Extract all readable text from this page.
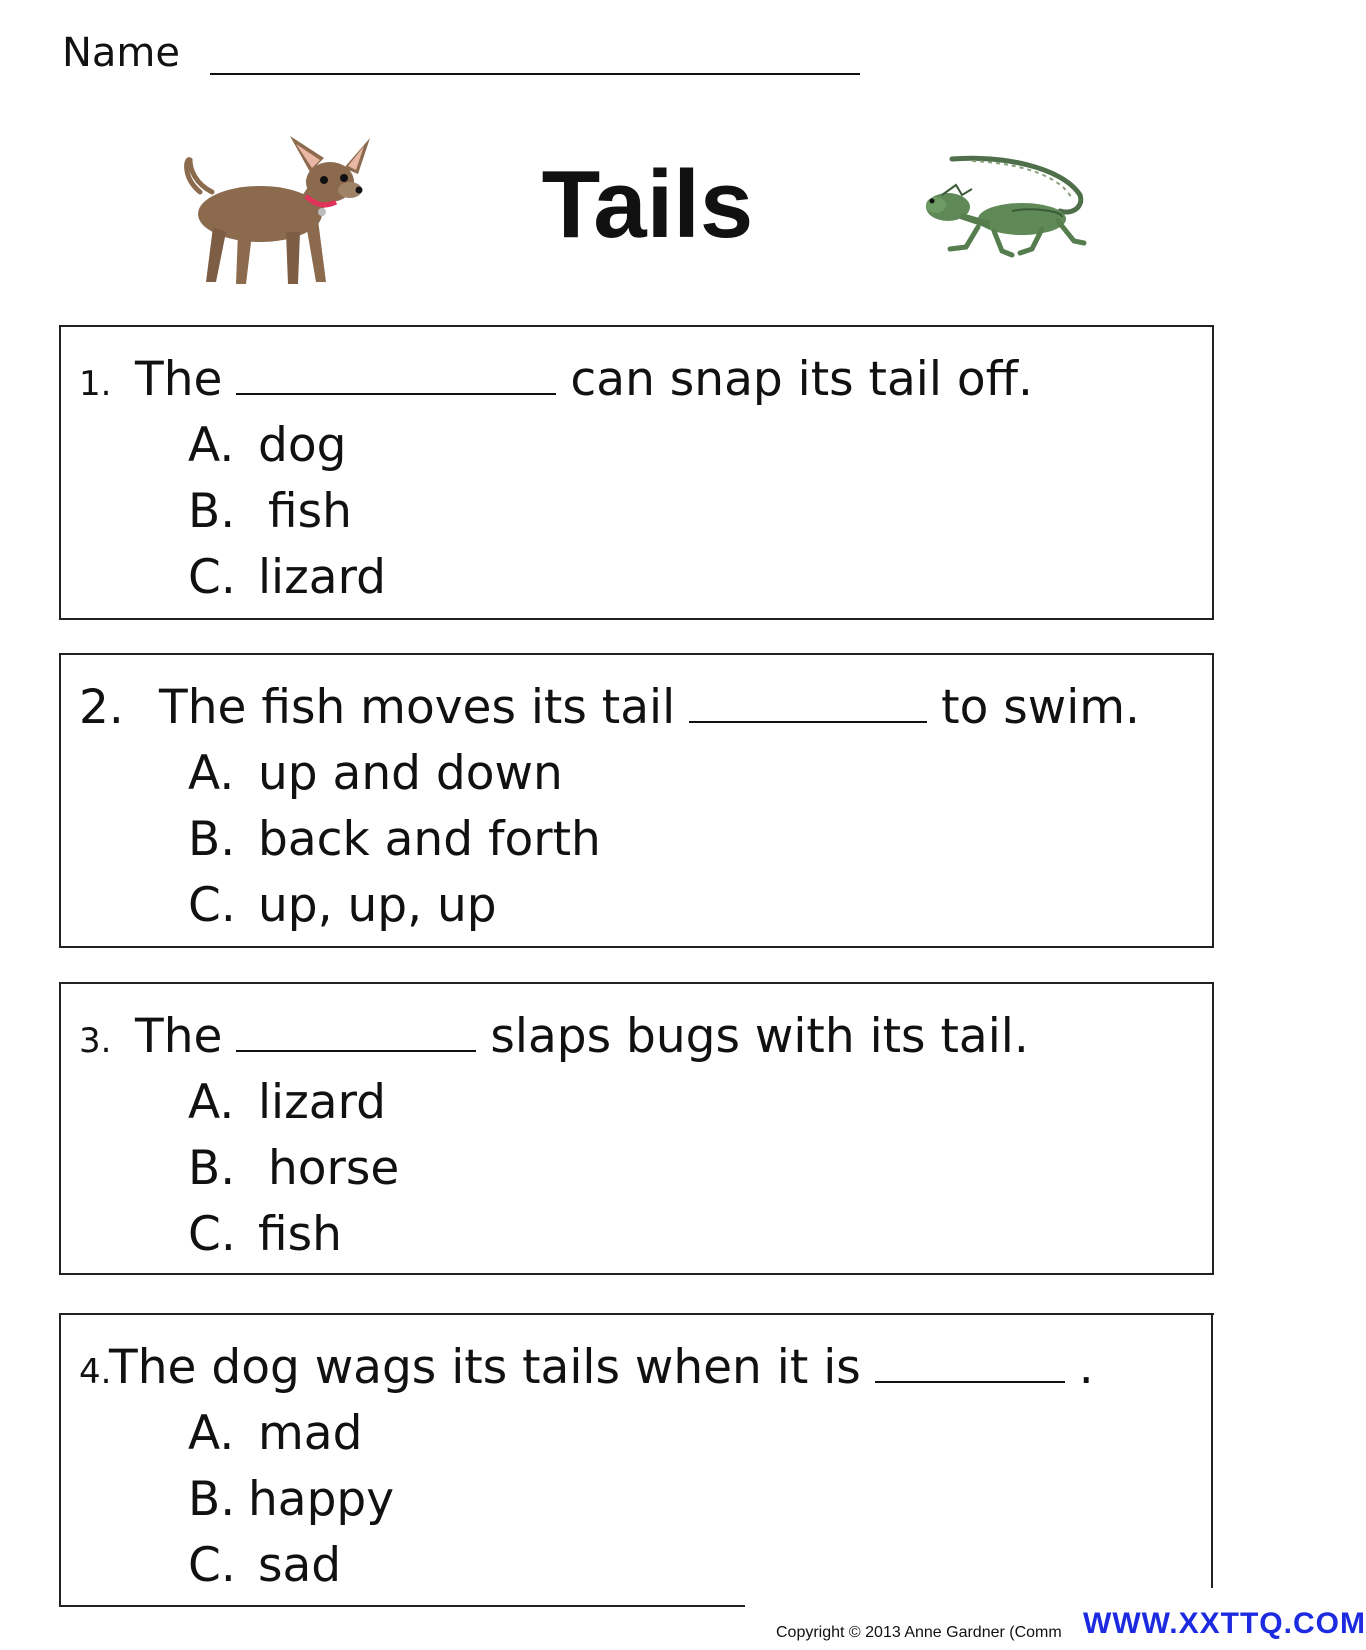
Name
Tails
1. The	can snap its tail off.
A. dog
B. fish
C. lizard
2. The fish moves its tail	to swim.
A. up and down
B. back and forth
C. up, up, up
3. The	slaps bugs with its tail.
A. lizard
B. horse
C. fish
4.The dog wags its tails when it is	.
A. mad
B. happy
C. sad
Copyright © 2013 Anne Gardner (Comm WWW.XXTTQ.COM
